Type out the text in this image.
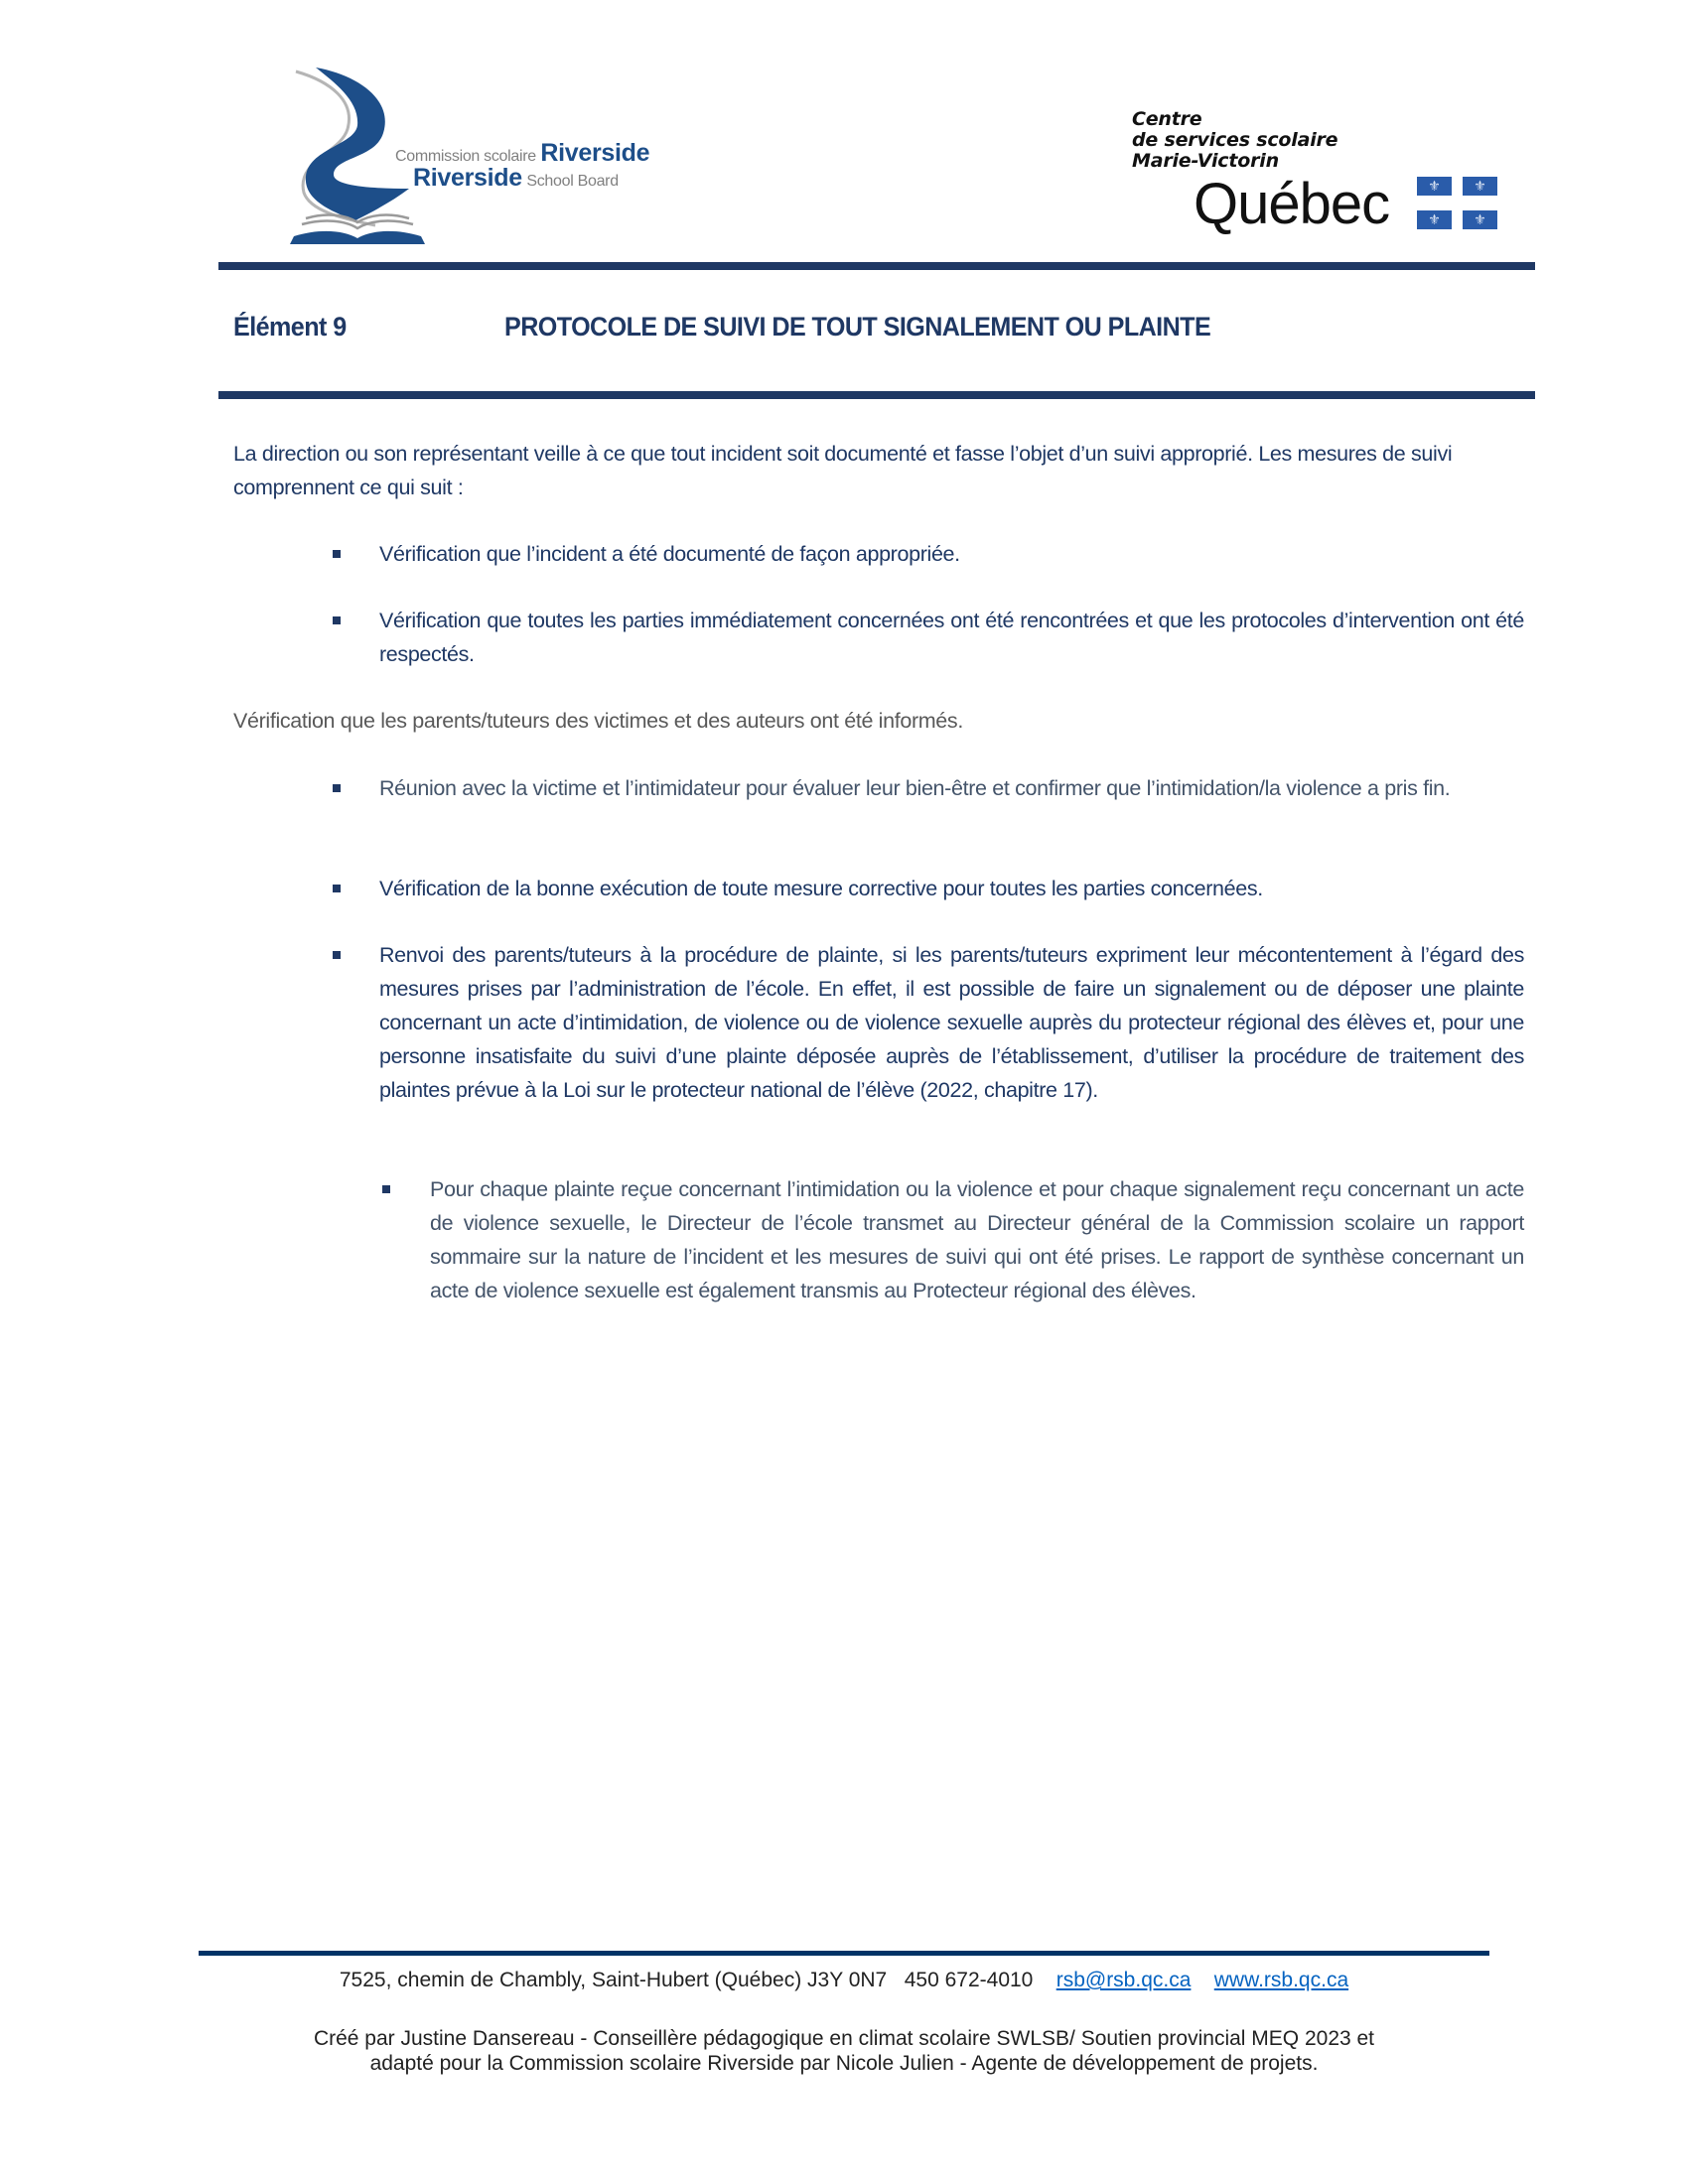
Commission scolaire Riverside
Riverside School Board
Centre
de services scolaire
Marie-Victorin
Québec	⚜	⚜
⚜	⚜
Élément 9	PROTOCOLE DE SUIVI DE TOUT SIGNALEMENT OU PLAINTE
La direction ou son représentant veille à ce que tout incident soit documenté et fasse l’objet d’un suivi approprié. Les mesures de suivi comprennent ce qui suit :
Vérification que l’incident a été documenté de façon appropriée.
Vérification que toutes les parties immédiatement concernées ont été rencontrées et que les protocoles d’intervention ont été respectés.
Vérification que les parents/tuteurs des victimes et des auteurs ont été informés.
Réunion avec la victime et l’intimidateur pour évaluer leur bien-être et confirmer que l’intimidation/la violence a pris fin.
Vérification de la bonne exécution de toute mesure corrective pour toutes les parties concernées.
Renvoi des parents/tuteurs à la procédure de plainte, si les parents/tuteurs expriment leur mécontentement à l’égard des mesures prises par l’administration de l’école. En effet, il est possible de faire un signalement ou de déposer une plainte concernant un acte d’intimidation, de violence ou de violence sexuelle auprès du protecteur régional des élèves et, pour une personne insatisfaite du suivi d’une plainte déposée auprès de l’établissement, d’utiliser la procédure de traitement des plaintes prévue à la Loi sur le protecteur national de l’élève (2022, chapitre 17).
Pour chaque plainte reçue concernant l’intimidation ou la violence et pour chaque signalement reçu concernant un acte de violence sexuelle, le Directeur de l’école transmet au Directeur général de la Commission scolaire un rapport sommaire sur la nature de l’incident et les mesures de suivi qui ont été prises. Le rapport de synthèse concernant un acte de violence sexuelle est également transmis au Protecteur régional des élèves.
7525, chemin de Chambly, Saint-Hubert (Québec) J3Y 0N7 450 672-4010 rsb@rsb.qc.ca www.rsb.qc.ca
Créé par Justine Dansereau - Conseillère pédagogique en climat scolaire SWLSB/ Soutien provincial MEQ 2023 et
adapté pour la Commission scolaire Riverside par Nicole Julien - Agente de développement de projets.
